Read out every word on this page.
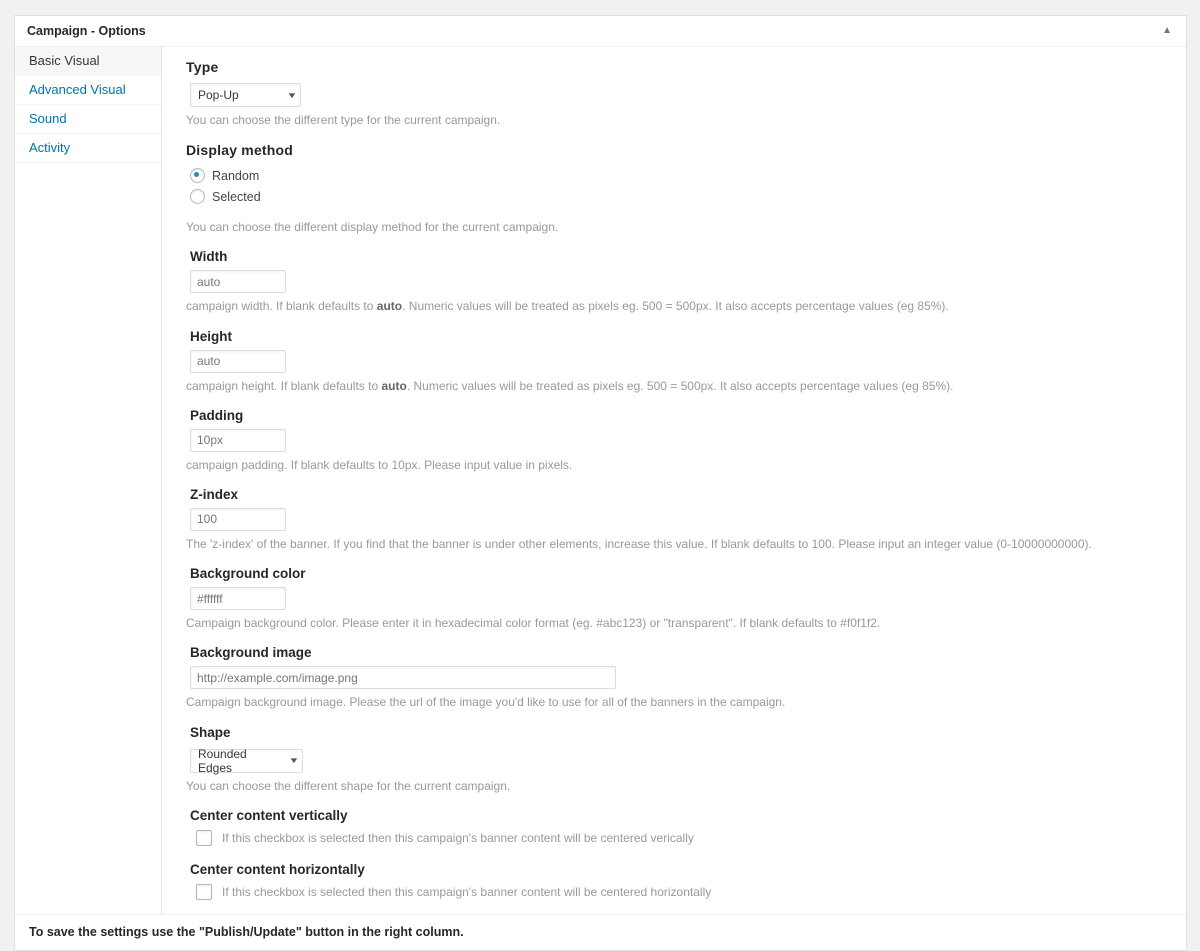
Campaign - Options	▲
Basic Visual
Advanced Visual
Sound
Activity
Type
Pop-Up	▼

You can choose the different type for the current campaign.

Display method
Random
Selected

You can choose the different display method for the current campaign.

Width
auto

campaign width. If blank defaults to auto. Numeric values will be treated as pixels eg. 500 = 500px. It also accepts percentage values (eg 85%).

Height
auto

campaign height. If blank defaults to auto. Numeric values will be treated as pixels eg. 500 = 500px. It also accepts percentage values (eg 85%).

Padding
10px

campaign padding. If blank defaults to 10px. Please input value in pixels.

Z-index
100

The 'z-index' of the banner. If you find that the banner is under other elements, increase this value. If blank defaults to 100. Please input an integer value (0-10000000000).

Background color
#ffffff

Campaign background color. Please enter it in hexadecimal color format (eg. #abc123) or "transparent". If blank defaults to #f0f1f2.

Background image
http://example.com/image.png

Campaign background image. Please the url of the image you'd like to use for all of the banners in the campaign.

Shape
Rounded Edges	▼

You can choose the different shape for the current campaign.

Center content vertically
If this checkbox is selected then this campaign's banner content will be centered verically
Center content horizontally
If this checkbox is selected then this campaign's banner content will be centered horizontally
To save the settings use the "Publish/Update" button in the right column.
